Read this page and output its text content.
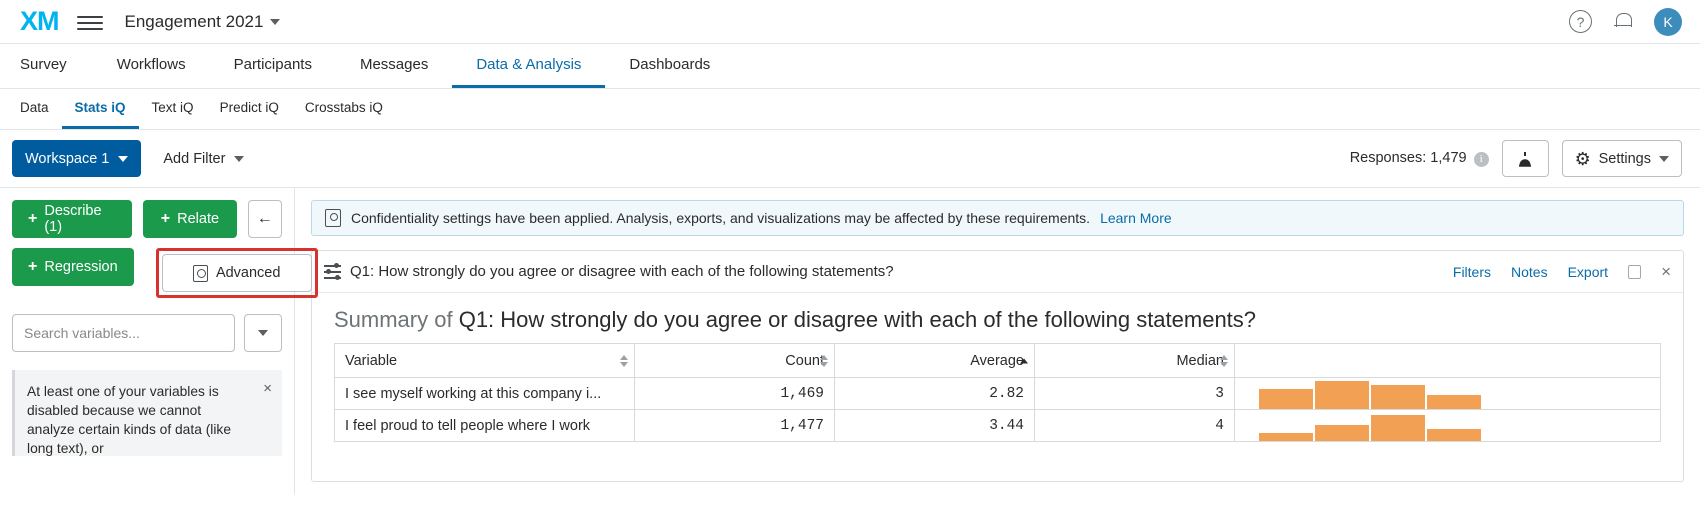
XM	Engagement 2021	?	K
Survey	Workflows	Participants	Messages	Data & Analysis	Dashboards
Data	Stats iQ	Text iQ	Predict iQ	Crosstabs iQ
Workspace 1	Add Filter	Responses: 1,479 i ⚙	Settings
+ Describe (1)	+ Relate	←
+ Regression	Advanced
Search variables...
×
At least one of your variables is disabled because we cannot analyze certain kinds of data (like long text), or
Confidentiality settings have been applied. Analysis, exports, and visualizations may be affected by these requirements. Learn More
Q1: How strongly do you agree or disagree with each of the following statements?	Filters Notes Export	×
Summary of Q1: How strongly do you agree or disagree with each of the following statements?
Variable	Count	Average	Median

I see myself working at this company i...	1,469	2.82	3	

I feel proud to tell people where I work	1,477	3.44	4	
